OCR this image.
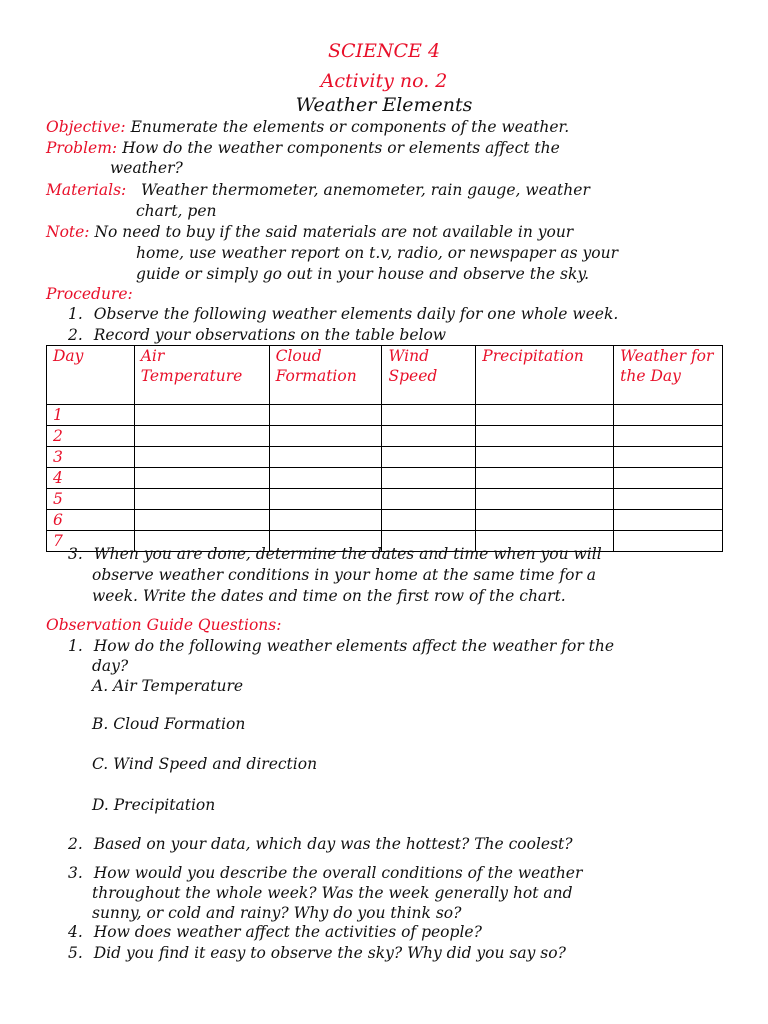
SCIENCE 4
Activity no. 2
Weather Elements
Objective: Enumerate the elements or components of the weather.
Problem: How do the weather components or elements affect the
weather?
Materials: Weather thermometer, anemometer, rain gauge, weather
chart, pen
Note: No need to buy if the said materials are not available in your
home, use weather report on t.v, radio, or newspaper as your
guide or simply go out in your house and observe the sky.
Procedure:
1. Observe the following weather elements daily for one whole week.
2. Record your observations on the table below
Day	Air Temperature	Cloud Formation	Wind Speed	Precipitation	Weather for the Day
1					
2					
3					
4					
5					
6					
7					
3. When you are done, determine the dates and time when you will
observe weather conditions in your home at the same time for a
week. Write the dates and time on the first row of the chart.
Observation Guide Questions:
1. How do the following weather elements affect the weather for the
day?
A. Air Temperature
B. Cloud Formation
C. Wind Speed and direction
D. Precipitation
2. Based on your data, which day was the hottest? The coolest?
3. How would you describe the overall conditions of the weather
throughout the whole week? Was the week generally hot and
sunny, or cold and rainy? Why do you think so?
4. How does weather affect the activities of people?
5. Did you find it easy to observe the sky? Why did you say so?
